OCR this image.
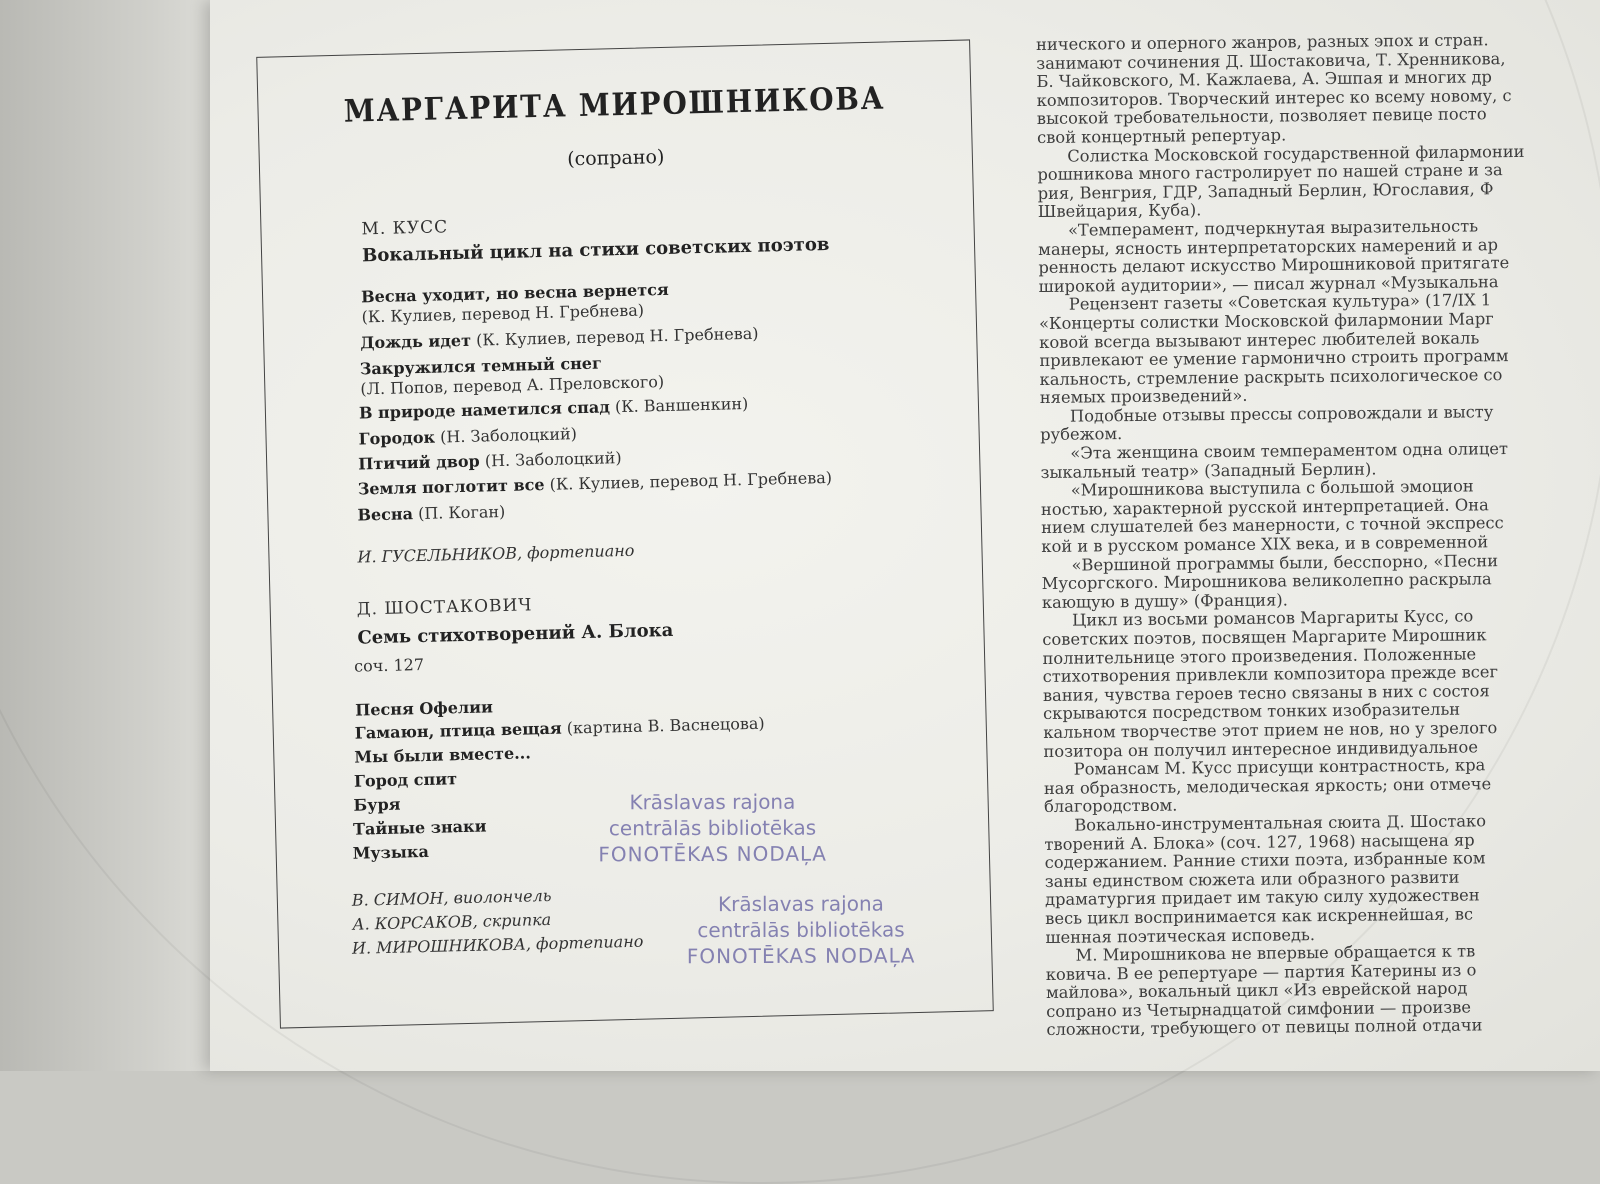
МАРГАРИТА МИРОШНИКОВА
(сопрано)
М. КУСС
Вокальный цикл на стихи советских поэтов
Весна уходит, но весна вернется
(К. Кулиев, перевод Н. Гребнева)
Дождь идет (К. Кулиев, перевод Н. Гребнева)
Закружился темный снег
(Л. Попов, перевод А. Преловского)
В природе наметился спад (К. Ваншенкин)
Городок (Н. Заболоцкий)
Птичий двор (Н. Заболоцкий)
Земля поглотит все (К. Кулиев, перевод Н. Гребнева)
Весна (П. Коган)
И. ГУСЕЛЬНИКОВ, фортепиано
Д. ШОСТАКОВИЧ
Семь стихотворений А. Блока
соч. 127
Песня Офелии
Гамаюн, птица вещая (картина В. Васнецова)
Мы были вместе...
Город спит
Буря
Тайные знаки
Музыка
В. СИМОН, виолончель
А. КОРСАКОВ, скрипка
И. МИРОШНИКОВА, фортепиано
Krāslavas rajona
centrālās bibliotēkas
FONOTĒKAS NODAĻA
Krāslavas rajona
centrālās bibliotēkas
FONOTĒKAS NODAĻA
нического и оперного жанров, разных эпох и стран.
занимают сочинения Д. Шостаковича, Т. Хренникова,
Б. Чайковского, М. Кажлаева, А. Эшпая и многих др
композиторов. Творческий интерес ко всему новому, с
высокой требовательности, позволяет певице посто
свой концертный репертуар.
Солистка Московской государственной филармонии
рошникова много гастролирует по нашей стране и за
рия, Венгрия, ГДР, Западный Берлин, Югославия, Ф
Швейцария, Куба).
«Темперамент, подчеркнутая выразительность
манеры, ясность интерпретаторских намерений и ар
ренность делают искусство Мирошниковой притягате
широкой аудитории», — писал журнал «Музыкальна
Рецензент газеты «Советская культура» (17/IX 1
«Концерты солистки Московской филармонии Марг
ковой всегда вызывают интерес любителей вокаль
привлекают ее умение гармонично строить программ
кальность, стремление раскрыть психологическое со
няемых произведений».
Подобные отзывы прессы сопровождали и высту
рубежом.
«Эта женщина своим темпераментом одна олицет
зыкальный театр» (Западный Берлин).
«Мирошникова выступила с большой эмоцион
ностью, характерной русской интерпретацией. Она
нием слушателей без манерности, с точной экспресс
кой и в русском романсе XIX века, и в современной
«Вершиной программы были, бесспорно, «Песни
Мусоргского. Мирошникова великолепно раскрыла
кающую в душу» (Франция).
Цикл из восьми романсов Маргариты Кусс, со
советских поэтов, посвящен Маргарите Мирошник
полнительнице этого произведения. Положенные
стихотворения привлекли композитора прежде всег
вания, чувства героев тесно связаны в них с состоя
скрываются посредством тонких изобразительн
кальном творчестве этот прием не нов, но у зрелого
позитора он получил интересное индивидуальное
Романсам М. Кусс присущи контрастность, кра
ная образность, мелодическая яркость; они отмече
благородством.
Вокально-инструментальная сюита Д. Шостако
творений А. Блока» (соч. 127, 1968) насыщена яр
содержанием. Ранние стихи поэта, избранные ком
заны единством сюжета или образного развити
драматургия придает им такую силу художествен
весь цикл воспринимается как искреннейшая, вс
шенная поэтическая исповедь.
М. Мирошникова не впервые обращается к тв
ковича. В ее репертуаре — партия Катерины из о
майлова», вокальный цикл «Из еврейской народ
сопрано из Четырнадцатой симфонии — произве
сложности, требующего от певицы полной отдачи
